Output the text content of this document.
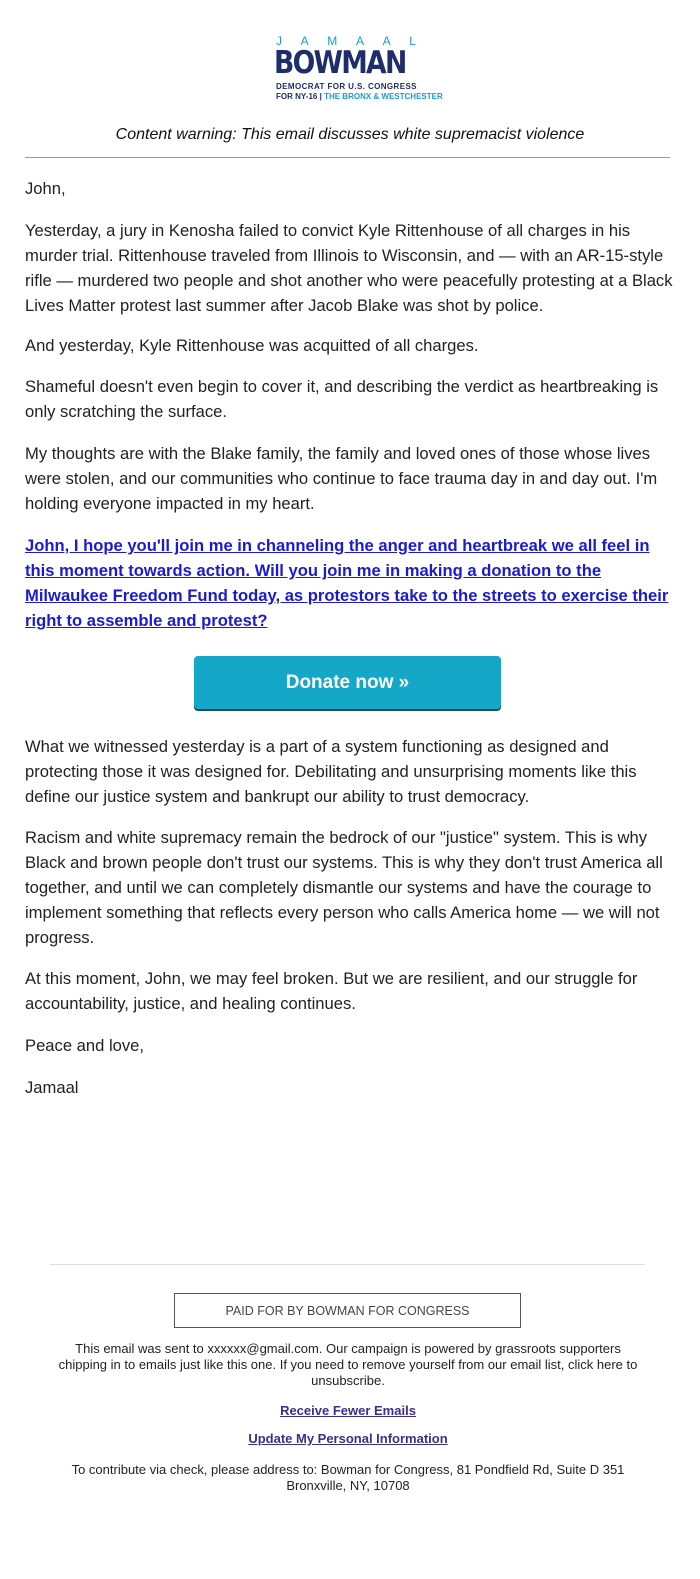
J A M A A L
BOWMAN
DEMOCRAT FOR U.S. CONGRESS
FOR NY-16 | THE BRONX & WESTCHESTER
Content warning: This email discusses white supremacist violence
John,
Yesterday, a jury in Kenosha failed to convict Kyle Rittenhouse of all charges in his murder trial. Rittenhouse traveled from Illinois to Wisconsin, and — with an AR-15-style rifle — murdered two people and shot another who were peacefully protesting at a Black Lives Matter protest last summer after Jacob Blake was shot by police.
And yesterday, Kyle Rittenhouse was acquitted of all charges.
Shameful doesn't even begin to cover it, and describing the verdict as heartbreaking is only scratching the surface.
My thoughts are with the Blake family, the family and loved ones of those whose lives were stolen, and our communities who continue to face trauma day in and day out. I'm holding everyone impacted in my heart.
John, I hope you'll join me in channeling the anger and heartbreak we all feel in this moment towards action. Will you join me in making a donation to the Milwaukee Freedom Fund today, as protestors take to the streets to exercise their right to assemble and protest?
Donate now »
What we witnessed yesterday is a part of a system functioning as designed and protecting those it was designed for. Debilitating and unsurprising moments like this define our justice system and bankrupt our ability to trust democracy.
Racism and white supremacy remain the bedrock of our "justice" system. This is why Black and brown people don't trust our systems. This is why they don't trust America all together, and until we can completely dismantle our systems and have the courage to implement something that reflects every person who calls America home — we will not progress.
At this moment, John, we may feel broken. But we are resilient, and our struggle for accountability, justice, and healing continues.
Peace and love,
Jamaal
PAID FOR BY BOWMAN FOR CONGRESS
This email was sent to xxxxxx@gmail.com. Our campaign is powered by grassroots supporters chipping in to emails just like this one. If you need to remove yourself from our email list, click here to unsubscribe.
Receive Fewer Emails
Update My Personal Information
To contribute via check, please address to: Bowman for Congress, 81 Pondfield Rd, Suite D 351 Bronxville, NY, 10708
